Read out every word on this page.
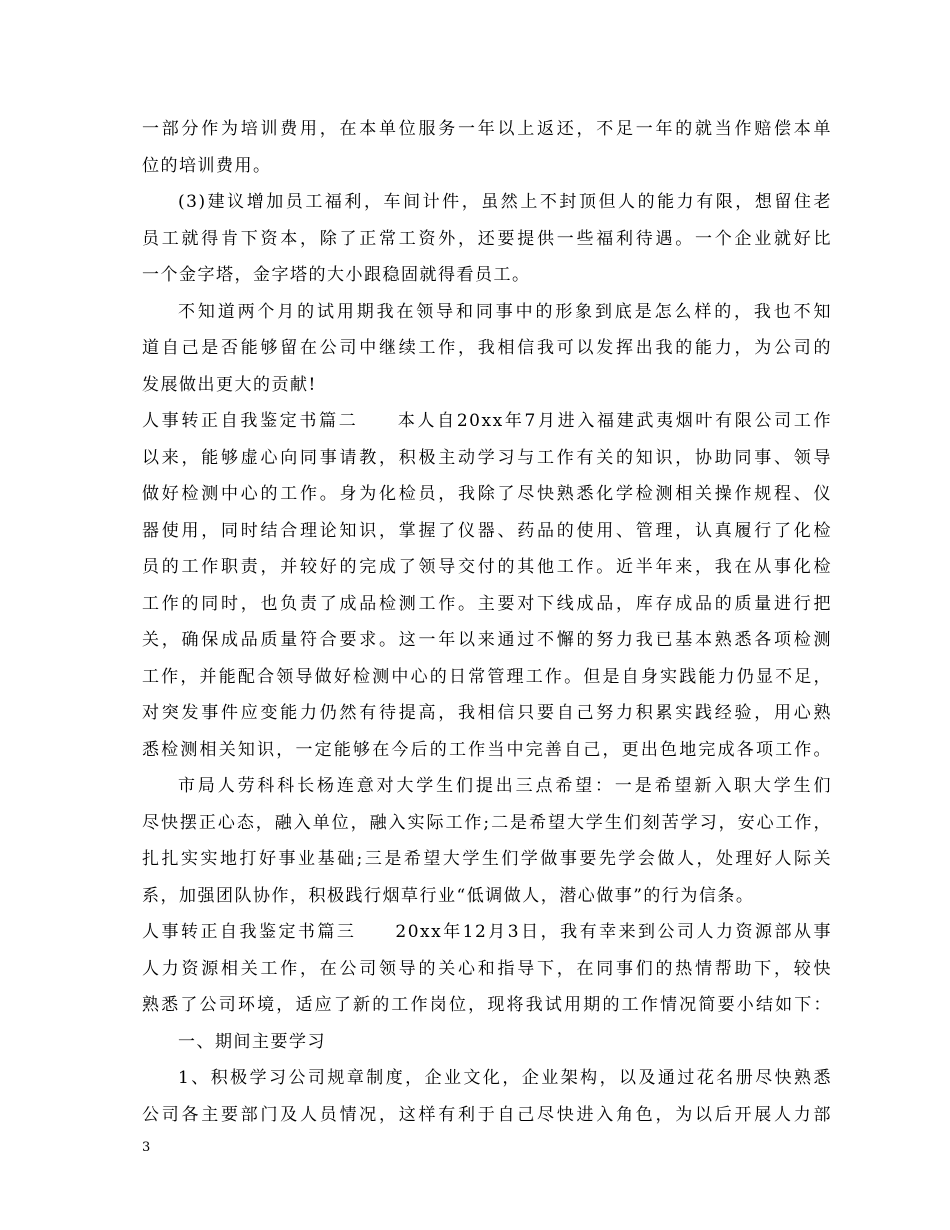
一部分作为培训费用，在本单位服务一年以上返还，不足一年的就当作赔偿本单
位的培训费用。
(3)建议增加员工福利，车间计件，虽然上不封顶但人的能力有限，想留住老
员工就得肯下资本，除了正常工资外，还要提供一些福利待遇。一个企业就好比
一个金字塔，金字塔的大小跟稳固就得看员工。
不知道两个月的试用期我在领导和同事中的形象到底是怎么样的，我也不知
道自己是否能够留在公司中继续工作，我相信我可以发挥出我的能力，为公司的
发展做出更大的贡献!
人事转正自我鉴定书篇二　　本人自20xx年7月进入福建武夷烟叶有限公司工作
以来，能够虚心向同事请教，积极主动学习与工作有关的知识，协助同事、领导
做好检测中心的工作。身为化检员，我除了尽快熟悉化学检测相关操作规程、仪
器使用，同时结合理论知识，掌握了仪器、药品的使用、管理，认真履行了化检
员的工作职责，并较好的完成了领导交付的其他工作。近半年来，我在从事化检
工作的同时，也负责了成品检测工作。主要对下线成品，库存成品的质量进行把
关，确保成品质量符合要求。这一年以来通过不懈的努力我已基本熟悉各项检测
工作，并能配合领导做好检测中心的日常管理工作。但是自身实践能力仍显不足，
对突发事件应变能力仍然有待提高，我相信只要自己努力积累实践经验，用心熟
悉检测相关知识，一定能够在今后的工作当中完善自己，更出色地完成各项工作。
市局人劳科科长杨连意对大学生们提出三点希望：一是希望新入职大学生们
尽快摆正心态，融入单位，融入实际工作;二是希望大学生们刻苦学习，安心工作，
扎扎实实地打好事业基础;三是希望大学生们学做事要先学会做人，处理好人际关
系，加强团队协作，积极践行烟草行业“低调做人，潜心做事”的行为信条。
人事转正自我鉴定书篇三　　20xx年12月3日，我有幸来到公司人力资源部从事
人力资源相关工作，在公司领导的关心和指导下，在同事们的热情帮助下，较快
熟悉了公司环境，适应了新的工作岗位，现将我试用期的工作情况简要小结如下：
一、期间主要学习
1、积极学习公司规章制度，企业文化，企业架构，以及通过花名册尽快熟悉
公司各主要部门及人员情况，这样有利于自己尽快进入角色，为以后开展人力部
3
